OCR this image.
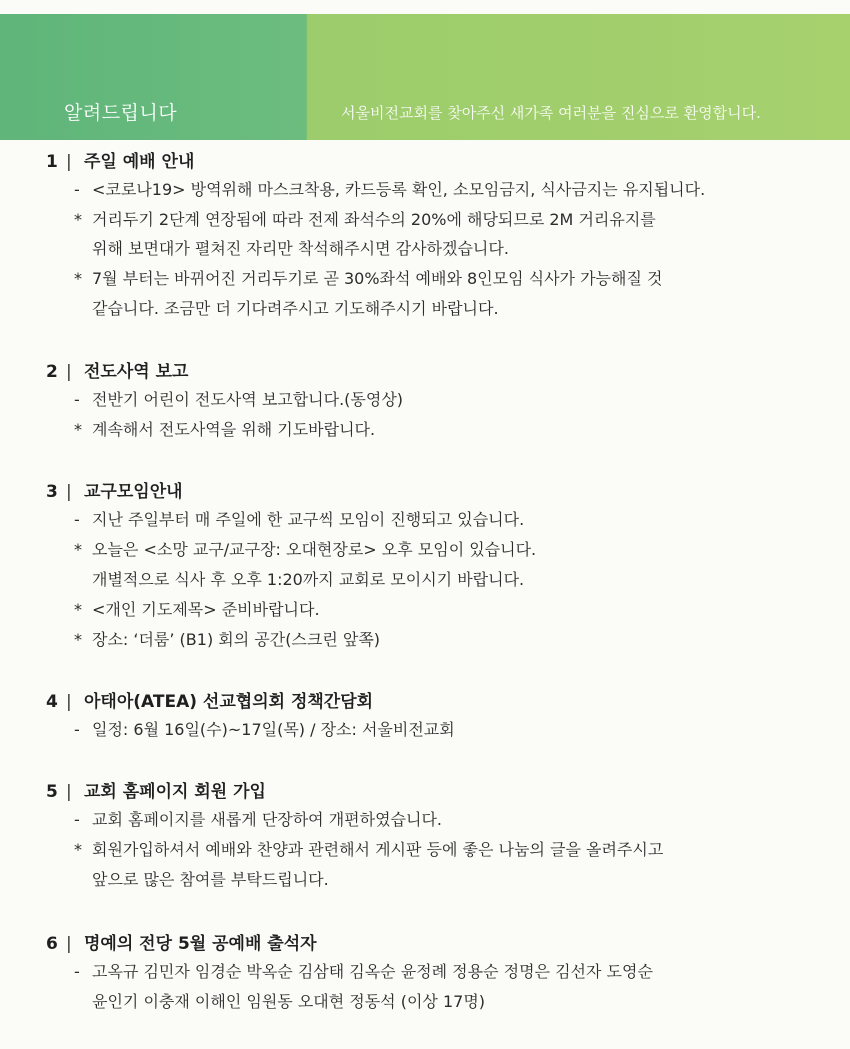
알려드립니다	서울비전교회를 찾아주신 새가족 여러분을 진심으로 환영합니다.
1 | 주일 예배 안내
- <코로나19> 방역위해 마스크착용, 카드등록 확인, 소모임금지, 식사금지는 유지됩니다.
* 거리두기 2단계 연장됨에 따라 전제 좌석수의 20%에 해당되므로 2M 거리유지를
위해 보면대가 펼쳐진 자리만 착석해주시면 감사하겠습니다.
* 7월 부터는 바뀌어진 거리두기로 곧 30%좌석 예배와 8인모임 식사가 가능해질 것
같습니다. 조금만 더 기다려주시고 기도해주시기 바랍니다.
2 | 전도사역 보고
- 전반기 어린이 전도사역 보고합니다.(동영상)
* 계속해서 전도사역을 위해 기도바랍니다.
3 | 교구모임안내
- 지난 주일부터 매 주일에 한 교구씩 모임이 진행되고 있습니다.
* 오늘은 <소망 교구/교구장: 오대현장로> 오후 모임이 있습니다.
개별적으로 식사 후 오후 1:20까지 교회로 모이시기 바랍니다.
* <개인 기도제목> 준비바랍니다.
* 장소: ‘더룸’ (B1) 회의 공간(스크린 앞쪽)
4 | 아태아(ATEA) 선교협의회 정책간담회
- 일정: 6월 16일(수)~17일(목) / 장소: 서울비전교회
5 | 교회 홈페이지 회원 가입
- 교회 홈페이지를 새롭게 단장하여 개편하였습니다.
* 회원가입하셔서 예배와 찬양과 관련해서 게시판 등에 좋은 나눔의 글을 올려주시고
앞으로 많은 참여를 부탁드립니다.
6 | 명예의 전당 5월 공예배 출석자
- 고옥규 김민자 임경순 박옥순 김삼태 김옥순 윤정례 정용순 정명은 김선자 도영순
윤인기 이충재 이해인 임원동 오대현 정동석 (이상 17명)
